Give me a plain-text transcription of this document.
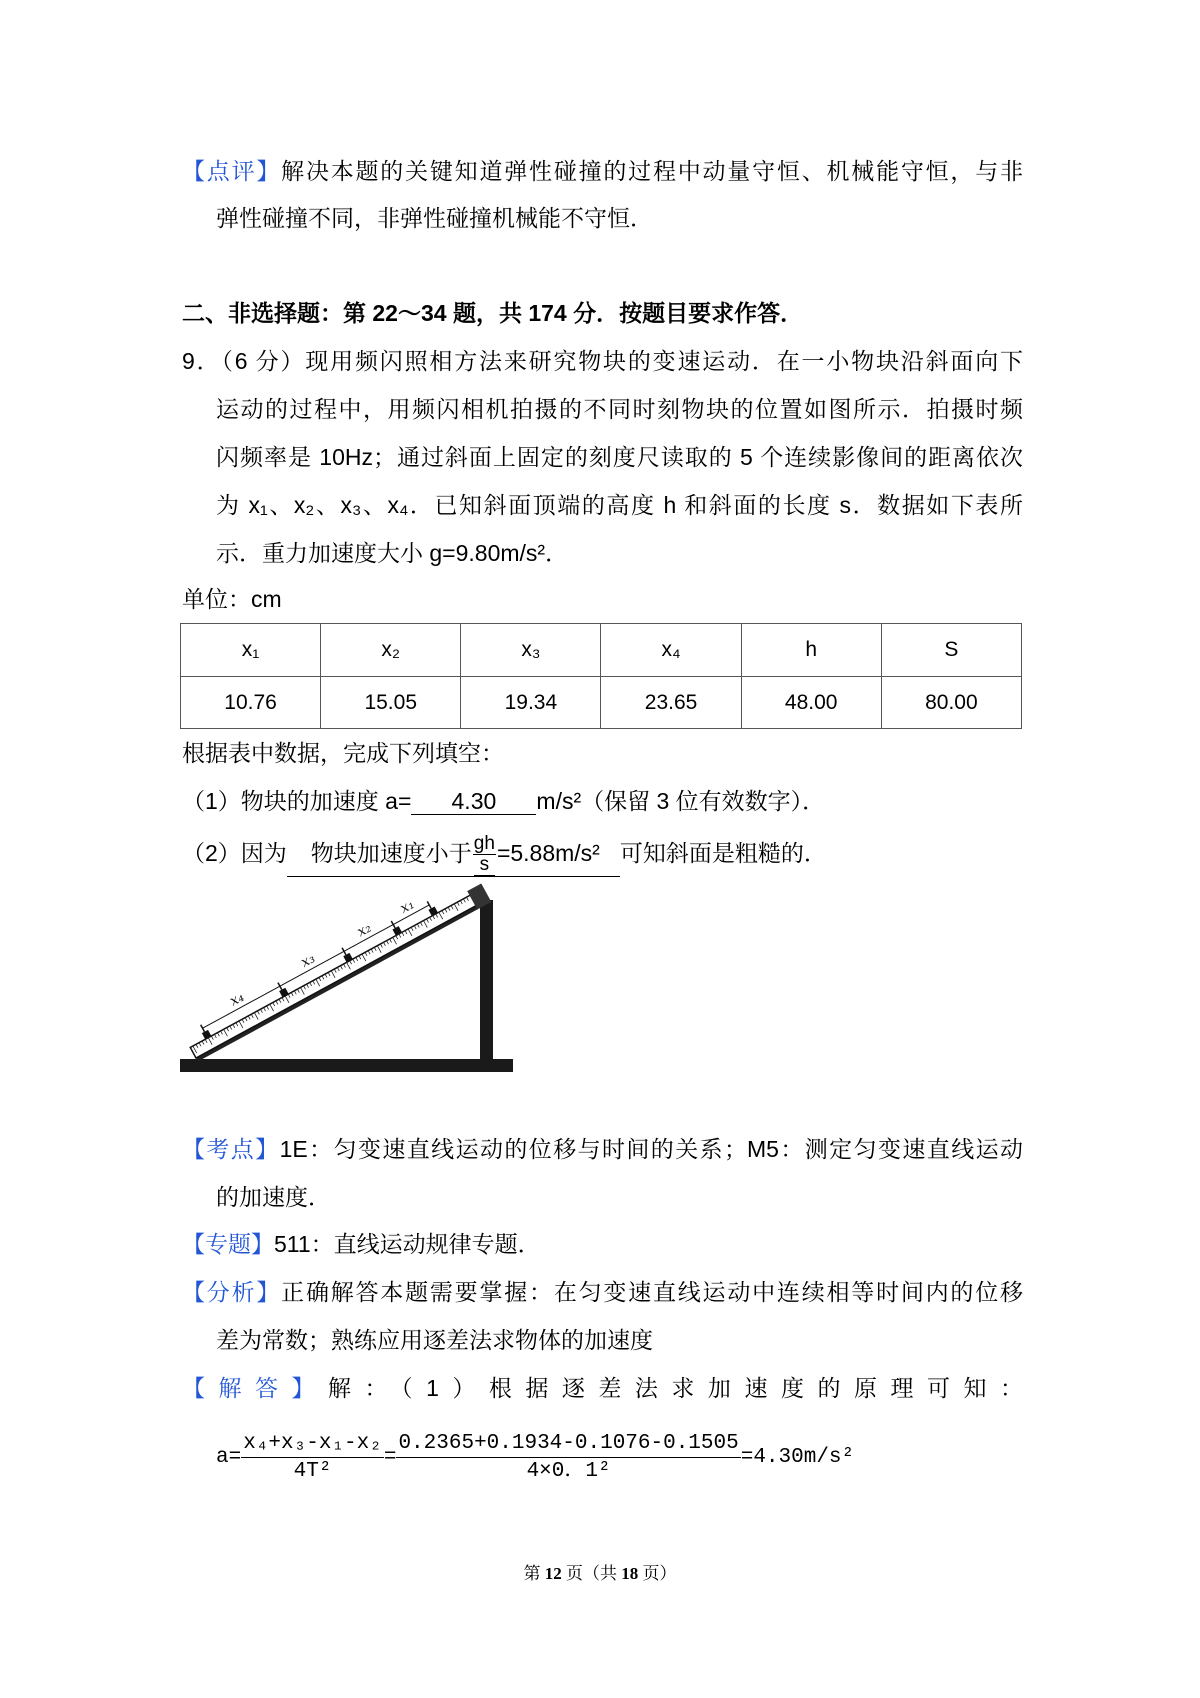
【点评】解决本题的关键知道弹性碰撞的过程中动量守恒、机械能守恒，与非
弹性碰撞不同，非弹性碰撞机械能不守恒．
二、非选择题：第 22～34 题，共 174 分．按题目要求作答．
9．（6 分）现用频闪照相方法来研究物块的变速运动．在一小物块沿斜面向下
运动的过程中，用频闪相机拍摄的不同时刻物块的位置如图所示．拍摄时频
闪频率是 10Hz；通过斜面上固定的刻度尺读取的 5 个连续影像间的距离依次
为 x₁、x₂、x₃、x₄．已知斜面顶端的高度 h 和斜面的长度 s．数据如下表所
示．重力加速度大小 g=9.80m/s²．
单位：cm
x₁	x₂	x₃	x₄	h	S
10.76	15.05	19.34	23.65	48.00	80.00
根据表中数据，完成下列填空：
（1）物块的加速度 a= 4.30 m/s²（保留 3 位有效数字）．
（2）因为 物块加速度小于 $\frac{gh}{s} =5.88m/s^2$ 可知斜面是粗糙的．
x₁
x₂
x₃
x₄
【考点】1E：匀变速直线运动的位移与时间的关系；M5：测定匀变速直线运动
的加速度．
【专题】511：直线运动规律专题．
【分析】正确解答本题需要掌握：在匀变速直线运动中连续相等时间内的位移
差为常数；熟练应用逐差法求物体的加速度
【解答】解：（1）根据逐差法求加速度的原理可知：
$a= \frac{\text{x₄+x₃-x₁-x₂}}{\text{4T²}} = \frac{0.2365+0.1934-0.1076-0.1505}{\text{4×0．1²}} =4.30m/s^2$
第 12 页（共 18 页）
